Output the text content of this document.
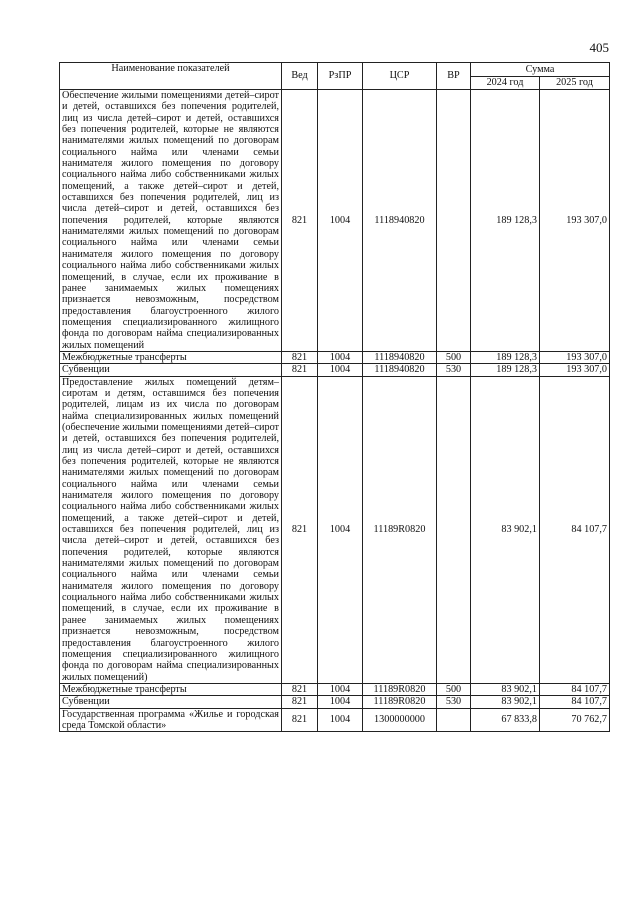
405
Наименование показателей	Вед	РзПР	ЦСР	ВР	Сумма	
					2024 год	2025 год
Обеспечение жилыми помещениями детей–сирот и детей, оставшихся без попечения родителей, лиц из числа детей–сирот и детей, оставшихся без попечения родителей, которые не являются нанимателями жилых помещений по договорам социального найма или членами семьи нанимателя жилого помещения по договору социального найма либо собственниками жилых помещений, а также детей–сирот и детей, оставшихся без попечения родителей, лиц из числа детей–сирот и детей, оставшихся без попечения родителей, которые являются нанимателями жилых помещений по договорам социального найма или членами семьи нанимателя жилого помещения по договору социального найма либо собственниками жилых помещений, в случае, если их проживание в ранее занимаемых жилых помещениях признается невозможным, посредством предоставления благоустроенного жилого помещения специализированного жилищного фонда по договорам найма специализированных жилых помещений	821	1004	1118940820		189 128,3	193 307,0
Межбюджетные трансферты	821	1004	1118940820	500	189 128,3	193 307,0
Субвенции	821	1004	1118940820	530	189 128,3	193 307,0
Предоставление жилых помещений детям–сиротам и детям, оставшимся без попечения родителей, лицам из их числа по договорам найма специализированных жилых помещений (обеспечение жилыми помещениями детей–сирот и детей, оставшихся без попечения родителей, лиц из числа детей–сирот и детей, оставшихся без попечения родителей, которые не являются нанимателями жилых помещений по договорам социального найма или членами семьи нанимателя жилого помещения по договору социального найма либо собственниками жилых помещений, а также детей–сирот и детей, оставшихся без попечения родителей, лиц из числа детей–сирот и детей, оставшихся без попечения родителей, которые являются нанимателями жилых помещений по договорам социального найма или членами семьи нанимателя жилого помещения по договору социального найма либо собственниками жилых помещений, в случае, если их проживание в ранее занимаемых жилых помещениях признается невозможным, посредством предоставления благоустроенного жилого помещения специализированного жилищного фонда по договорам найма специализированных жилых помещений)	821	1004	11189R0820		83 902,1	84 107,7
Межбюджетные трансферты	821	1004	11189R0820	500	83 902,1	84 107,7
Субвенции	821	1004	11189R0820	530	83 902,1	84 107,7
Государственная программа «Жилье и городская среда Томской области»	821	1004	1300000000		67 833,8	70 762,7
